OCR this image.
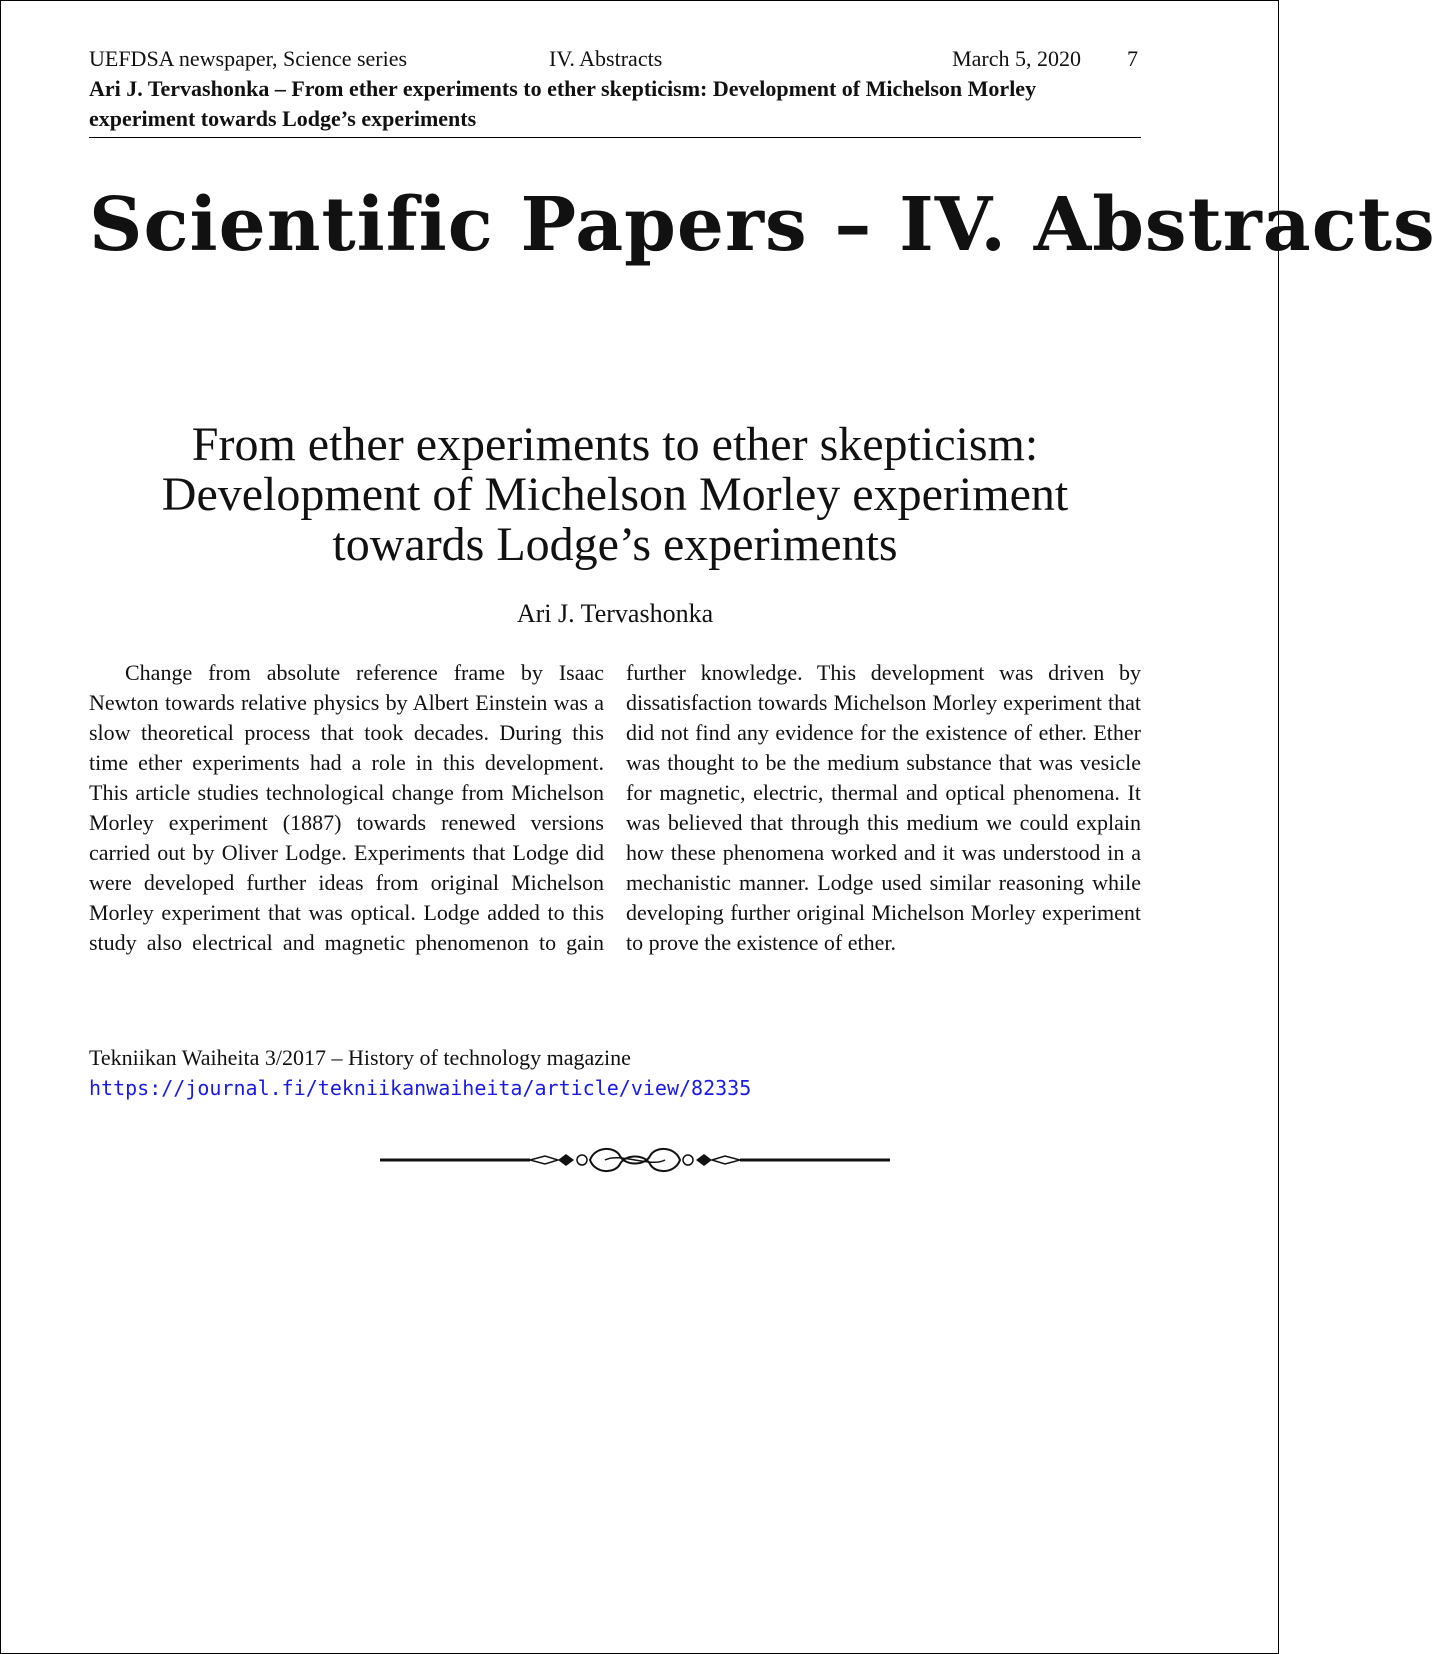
UEFDSA newspaper, Science series	IV. Abstracts	March 5, 2020 7
Ari J. Tervashonka – From ether experiments to ether skepticism: Development of Michelson Morley experiment towards Lodge’s experiments
Scientific Papers – IV. Abstracts
From ether experiments to ether skepticism: Development of Michelson Morley experiment towards Lodge’s experiments
Ari J. Tervashonka

Change from absolute reference frame by Isaac Newton towards relative physics by Albert Einstein was a slow theoretical process that took decades. During this time ether experiments had a role in this development. This article studies technological change from Michelson Morley experiment (1887) towards renewed versions carried out by Oliver Lodge. Experiments that Lodge did were developed further ideas from original Michelson Morley experiment that was optical. Lodge added to this study also electrical and magnetic phenomenon to gain further knowledge. This development was driven by dissatisfaction towards Michelson Morley experiment that did not find any evidence for the existence of ether. Ether was thought to be the medium substance that was vesicle for magnetic, electric, thermal and optical phenomena. It was believed that through this medium we could explain how these phenomena worked and it was understood in a mechanistic manner. Lodge used similar reasoning while developing further original Michelson Morley experiment to prove the existence of ether.

Tekniikan Waiheita 3/2017 – History of technology magazine
https://journal.fi/tekniikanwaiheita/article/view/82335
